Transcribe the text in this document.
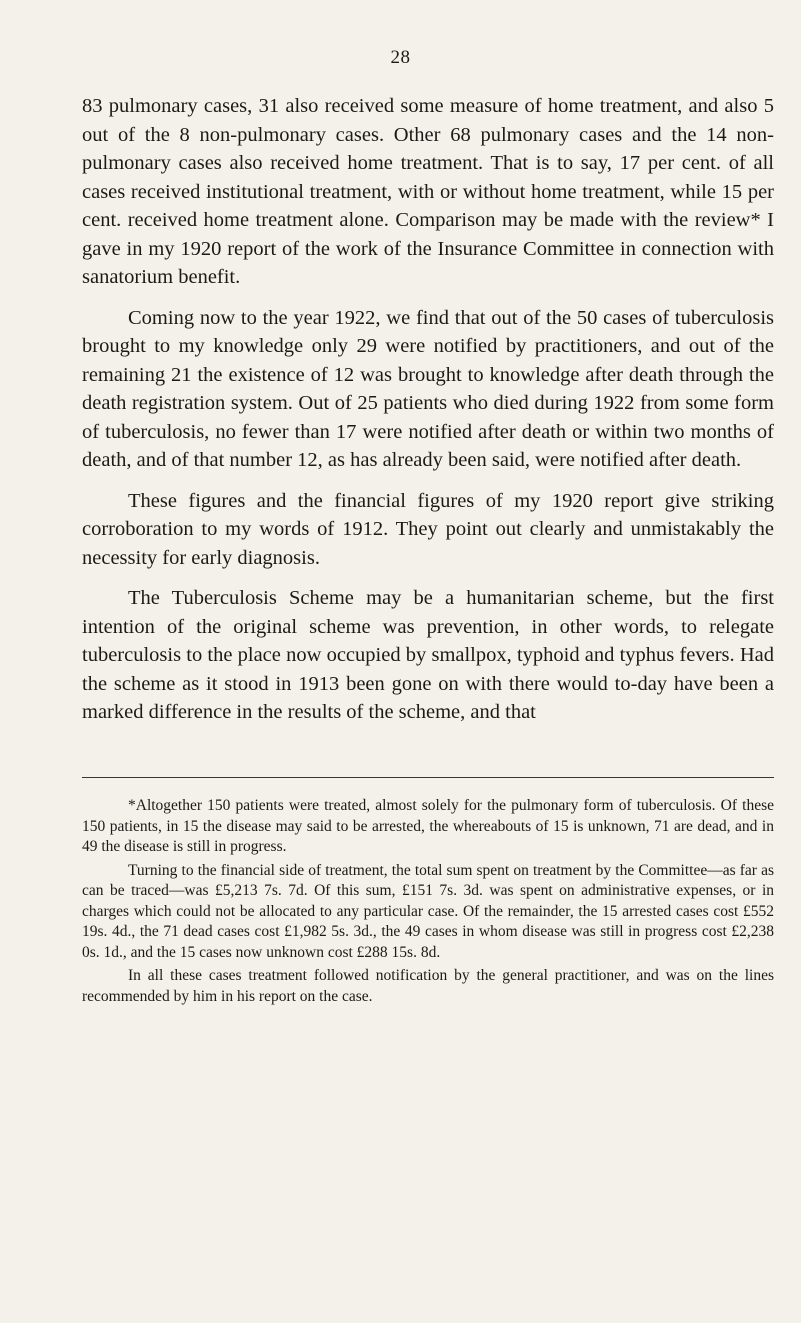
28

83 pulmonary cases, 31 also received some measure of home treatment, and also 5 out of the 8 non-pulmonary cases. Other 68 pulmonary cases and the 14 non-pulmonary cases also received home treatment. That is to say, 17 per cent. of all cases received institutional treatment, with or without home treatment, while 15 per cent. received home treatment alone. Comparison may be made with the review* I gave in my 1920 report of the work of the Insurance Committee in connection with sanatorium benefit.

Coming now to the year 1922, we find that out of the 50 cases of tuberculosis brought to my knowledge only 29 were notified by practitioners, and out of the remaining 21 the existence of 12 was brought to knowledge after death through the death registration system. Out of 25 patients who died during 1922 from some form of tuberculosis, no fewer than 17 were notified after death or within two months of death, and of that number 12, as has already been said, were notified after death.

These figures and the financial figures of my 1920 report give striking corroboration to my words of 1912. They point out clearly and unmistakably the necessity for early diagnosis.

The Tuberculosis Scheme may be a humanitarian scheme, but the first intention of the original scheme was prevention, in other words, to relegate tuberculosis to the place now occupied by smallpox, typhoid and typhus fevers. Had the scheme as it stood in 1913 been gone on with there would to-day have been a marked difference in the results of the scheme, and that

*Altogether 150 patients were treated, almost solely for the pulmonary form of tuberculosis. Of these 150 patients, in 15 the disease may said to be arrested, the whereabouts of 15 is unknown, 71 are dead, and in 49 the disease is still in progress.

Turning to the financial side of treatment, the total sum spent on treatment by the Committee—as far as can be traced—was £5,213 7s. 7d. Of this sum, £151 7s. 3d. was spent on administrative expenses, or in charges which could not be allocated to any particular case. Of the remainder, the 15 arrested cases cost £552 19s. 4d., the 71 dead cases cost £1,982 5s. 3d., the 49 cases in whom disease was still in progress cost £2,238 0s. 1d., and the 15 cases now unknown cost £288 15s. 8d.

In all these cases treatment followed notification by the general practitioner, and was on the lines recommended by him in his report on the case.
